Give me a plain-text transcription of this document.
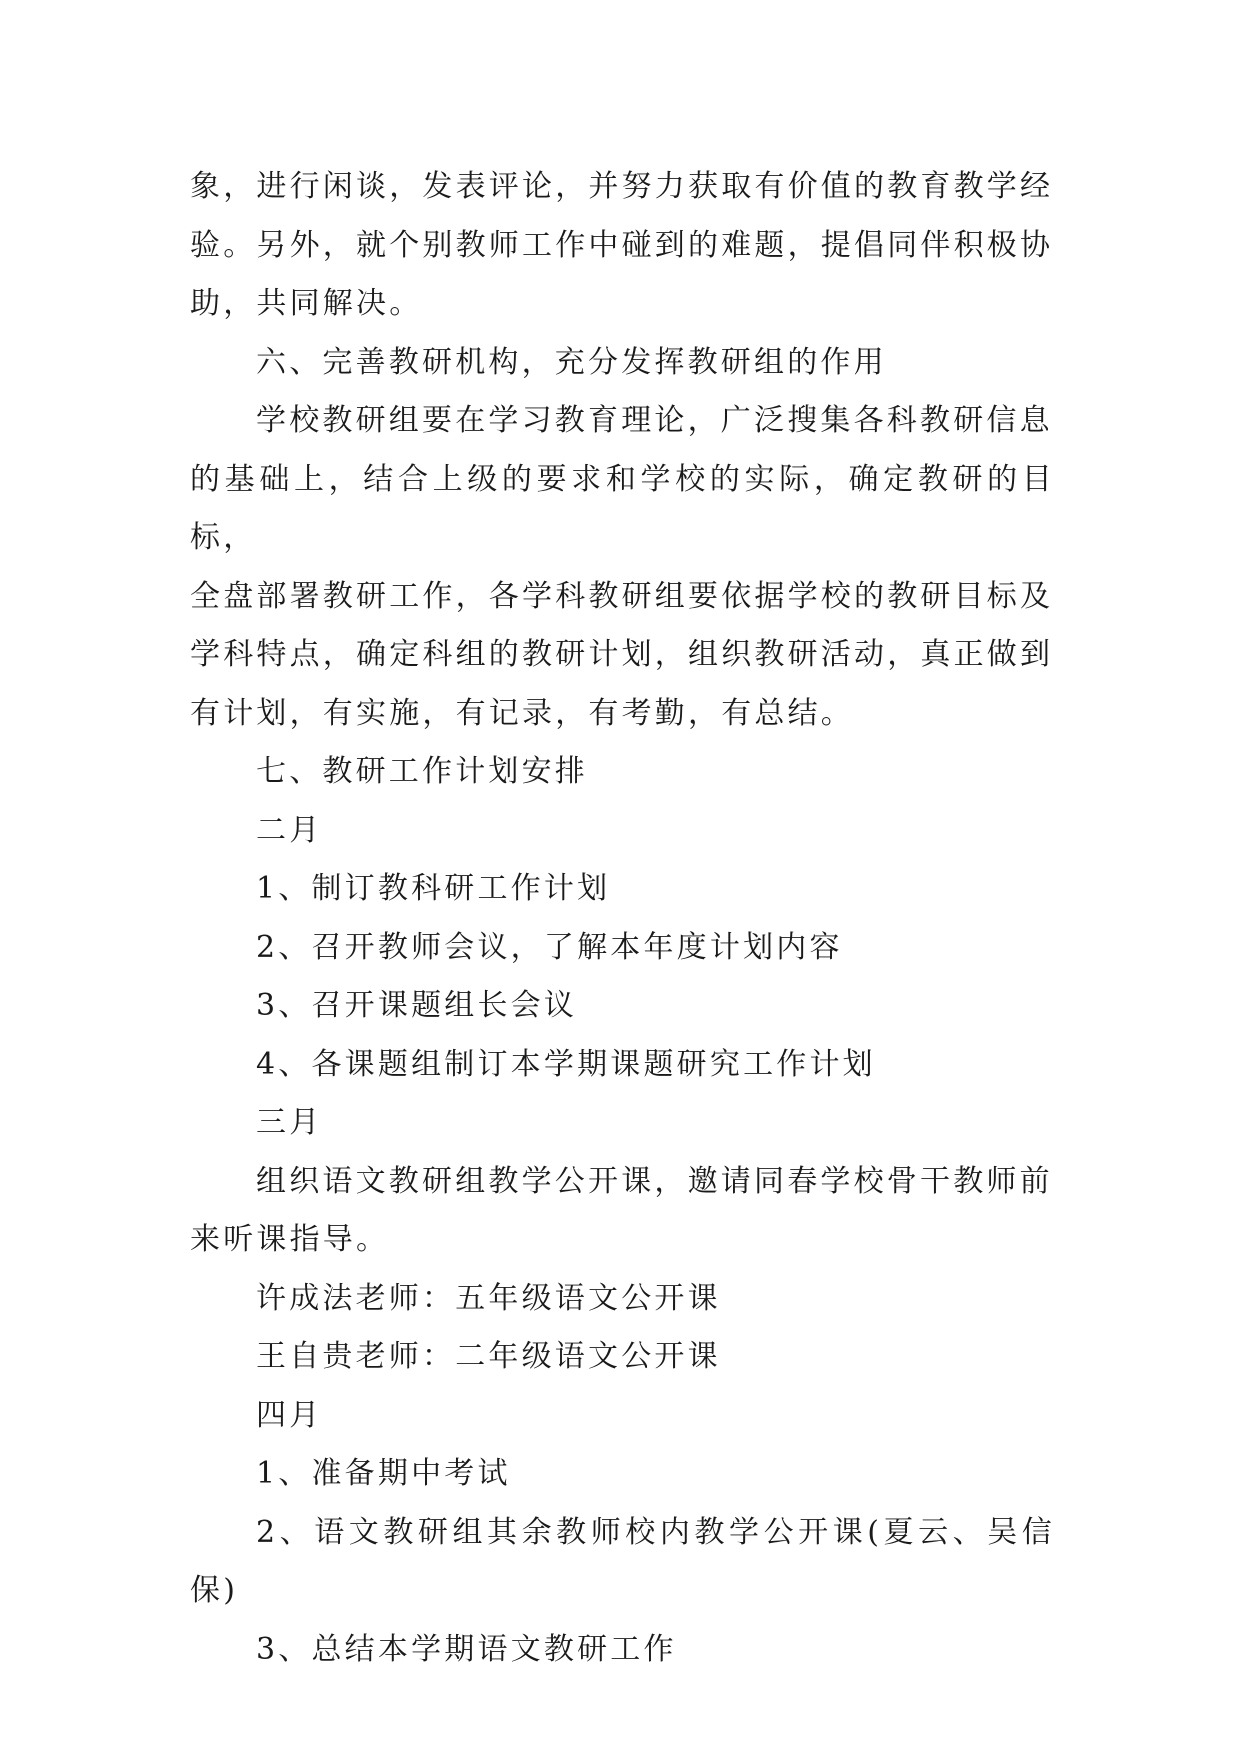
象，进行闲谈，发表评论，并努力获取有价值的教育教学经
验。另外，就个别教师工作中碰到的难题，提倡同伴积极协
助，共同解决。

六、完善教研机构，充分发挥教研组的作用

学校教研组要在学习教育理论，广泛搜集各科教研信息
的基础上，结合上级的要求和学校的实际，确定教研的目标，
全盘部署教研工作，各学科教研组要依据学校的教研目标及
学科特点，确定科组的教研计划，组织教研活动，真正做到
有计划，有实施，有记录，有考勤，有总结。

七、教研工作计划安排

二月

1、制订教科研工作计划

2、召开教师会议，了解本年度计划内容

3、召开课题组长会议

4、各课题组制订本学期课题研究工作计划

三月

组织语文教研组教学公开课，邀请同春学校骨干教师前
来听课指导。

许成法老师：五年级语文公开课

王自贵老师：二年级语文公开课

四月

1、准备期中考试

2、语文教研组其余教师校内教学公开课(夏云、吴信保)

3、总结本学期语文教研工作
